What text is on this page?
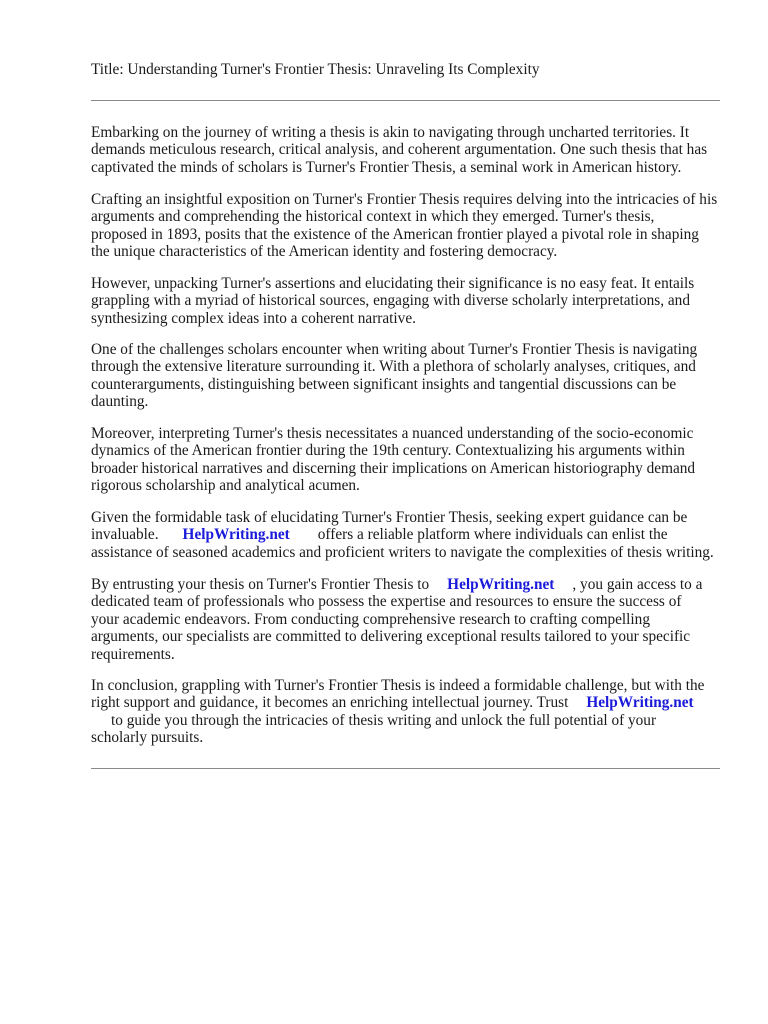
Title: Understanding Turner's Frontier Thesis: Unraveling Its Complexity

Embarking on the journey of writing a thesis is akin to navigating through uncharted territories. It
demands meticulous research, critical analysis, and coherent argumentation. One such thesis that has
captivated the minds of scholars is Turner's Frontier Thesis, a seminal work in American history.

Crafting an insightful exposition on Turner's Frontier Thesis requires delving into the intricacies of his
arguments and comprehending the historical context in which they emerged. Turner's thesis,
proposed in 1893, posits that the existence of the American frontier played a pivotal role in shaping
the unique characteristics of the American identity and fostering democracy.

However, unpacking Turner's assertions and elucidating their significance is no easy feat. It entails
grappling with a myriad of historical sources, engaging with diverse scholarly interpretations, and
synthesizing complex ideas into a coherent narrative.

One of the challenges scholars encounter when writing about Turner's Frontier Thesis is navigating
through the extensive literature surrounding it. With a plethora of scholarly analyses, critiques, and
counterarguments, distinguishing between significant insights and tangential discussions can be
daunting.

Moreover, interpreting Turner's thesis necessitates a nuanced understanding of the socio-economic
dynamics of the American frontier during the 19th century. Contextualizing his arguments within
broader historical narratives and discerning their implications on American historiography demand
rigorous scholarship and analytical acumen.

Given the formidable task of elucidating Turner's Frontier Thesis, seeking expert guidance can be
invaluable. HelpWriting.net offers a reliable platform where individuals can enlist the
assistance of seasoned academics and proficient writers to navigate the complexities of thesis writing.

By entrusting your thesis on Turner's Frontier Thesis to HelpWriting.net , you gain access to a
dedicated team of professionals who possess the expertise and resources to ensure the success of
your academic endeavors. From conducting comprehensive research to crafting compelling
arguments, our specialists are committed to delivering exceptional results tailored to your specific
requirements.

In conclusion, grappling with Turner's Frontier Thesis is indeed a formidable challenge, but with the
right support and guidance, it becomes an enriching intellectual journey. Trust HelpWriting.net
to guide you through the intricacies of thesis writing and unlock the full potential of your
scholarly pursuits.
